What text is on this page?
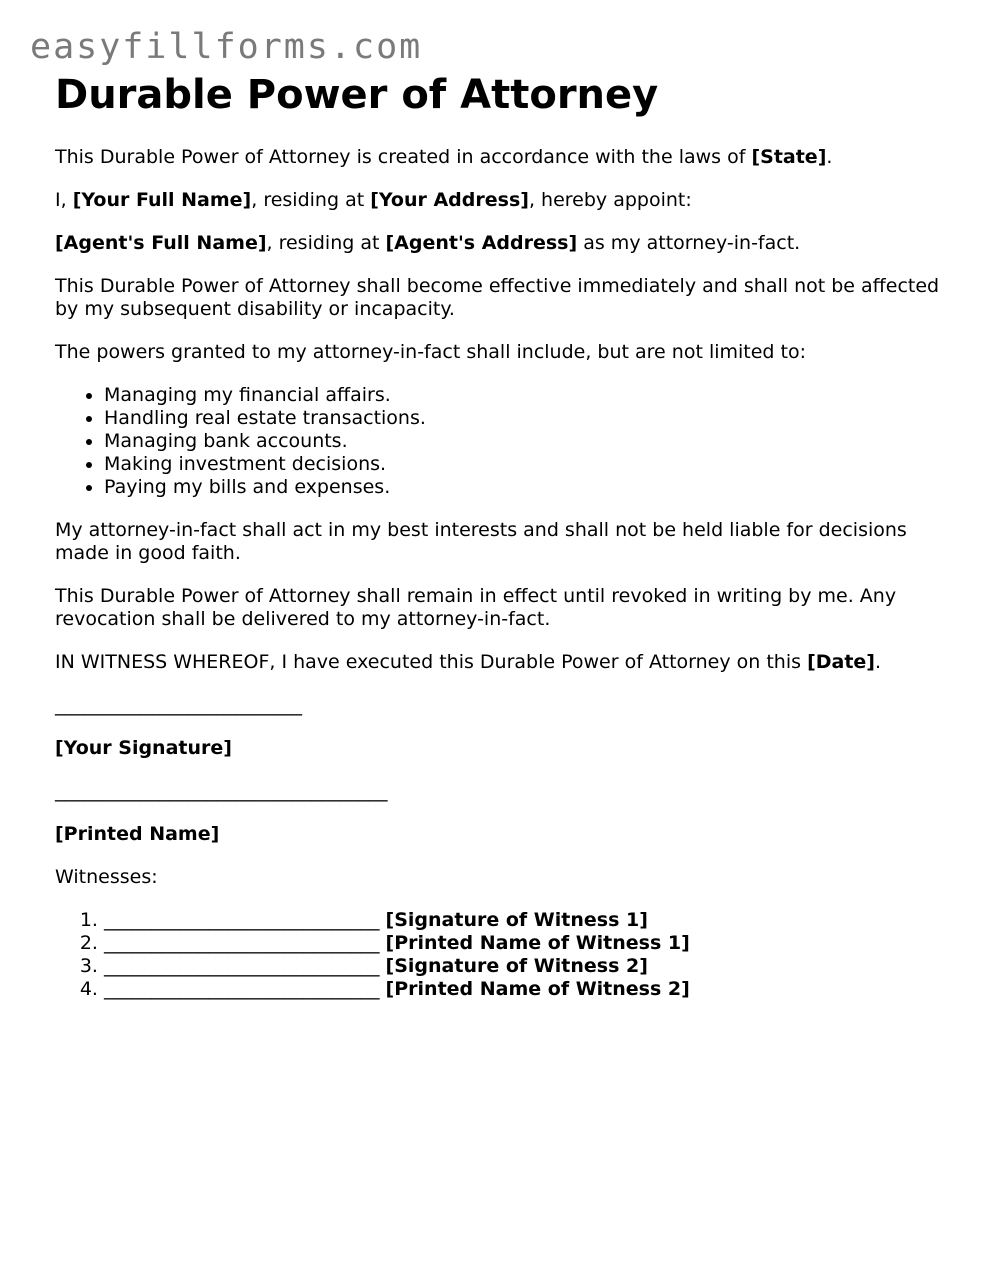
easyfillforms.com
Durable Power of Attorney

This Durable Power of Attorney is created in accordance with the laws of [State].

I, [Your Full Name], residing at [Your Address], hereby appoint:

[Agent's Full Name], residing at [Agent's Address] as my attorney-in-fact.

This Durable Power of Attorney shall become effective immediately and shall not be affected by my subsequent disability or incapacity.

The powers granted to my attorney-in-fact shall include, but are not limited to:

• Managing my financial affairs.
• Handling real estate transactions.
• Managing bank accounts.
• Making investment decisions.
• Paying my bills and expenses.

My attorney-in-fact shall act in my best interests and shall not be held liable for decisions made in good faith.

This Durable Power of Attorney shall remain in effect until revoked in writing by me. Any revocation shall be delivered to my attorney-in-fact.

IN WITNESS WHEREOF, I have executed this Durable Power of Attorney on this [Date].

__________________________
[Your Signature]
___________________________________
[Printed Name]

Witnesses:

1. _____________________________ [Signature of Witness 1]
2. _____________________________ [Printed Name of Witness 1]
3. _____________________________ [Signature of Witness 2]
4. _____________________________ [Printed Name of Witness 2]
